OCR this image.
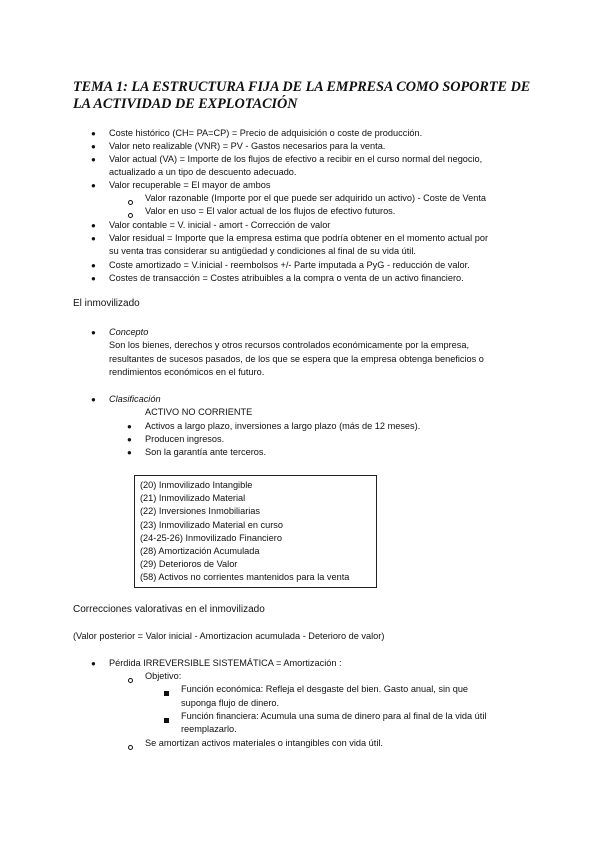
TEMA 1: LA ESTRUCTURA FIJA DE LA EMPRESA COMO SOPORTE DE LA ACTIVIDAD DE EXPLOTACIÓN
● Coste histórico (CH= PA=CP) = Precio de adquisición o coste de producción.
● Valor neto realizable (VNR) = PV - Gastos necesarios para la venta.
● Valor actual (VA) = Importe de los flujos de efectivo a recibir en el curso normal del negocio,
actualizado a un tipo de descuento adecuado.
● Valor recuperable = El mayor de ambos
Valor razonable (Importe por el que puede ser adquirido un activo) - Coste de Venta
Valor en uso = El valor actual de los flujos de efectivo futuros.
● Valor contable = V. inicial - amort - Corrección de valor
● Valor residual = Importe que la empresa estima que podría obtener en el momento actual por
su venta tras considerar su antigüedad y condiciones al final de su vida útil.
● Coste amortizado = V.inicial - reembolsos +/- Parte imputada a PyG - reducción de valor.
● Costes de transacción = Costes atribuibles a la compra o venta de un activo financiero.
El inmovilizado
● Concepto
Son los bienes, derechos y otros recursos controlados económicamente por la empresa,
resultantes de sucesos pasados, de los que se espera que la empresa obtenga beneficios o
rendimientos económicos en el futuro.
● Clasificación
ACTIVO NO CORRIENTE
● Activos a largo plazo, inversiones a largo plazo (más de 12 meses).
● Producen ingresos.
● Son la garantía ante terceros.
(20) Inmovilizado Intangible
(21) Inmovilizado Material
(22) Inversiones Inmobiliarias
(23) Inmovilizado Material en curso
(24-25-26) Inmovilizado Financiero
(28) Amortización Acumulada
(29) Deterioros de Valor
(58) Activos no corrientes mantenidos para la venta
Correcciones valorativas en el inmovilizado
(Valor posterior = Valor inicial - Amortizacion acumulada - Deterioro de valor)
● Pérdida IRREVERSIBLE SISTEMÁTICA = Amortización :
Objetivo:
Función económica: Refleja el desgaste del bien. Gasto anual, sin que
suponga flujo de dinero.
Función financiera: Acumula una suma de dinero para al final de la vida útil
reemplazarlo.
Se amortizan activos materiales o intangibles con vida útil.
